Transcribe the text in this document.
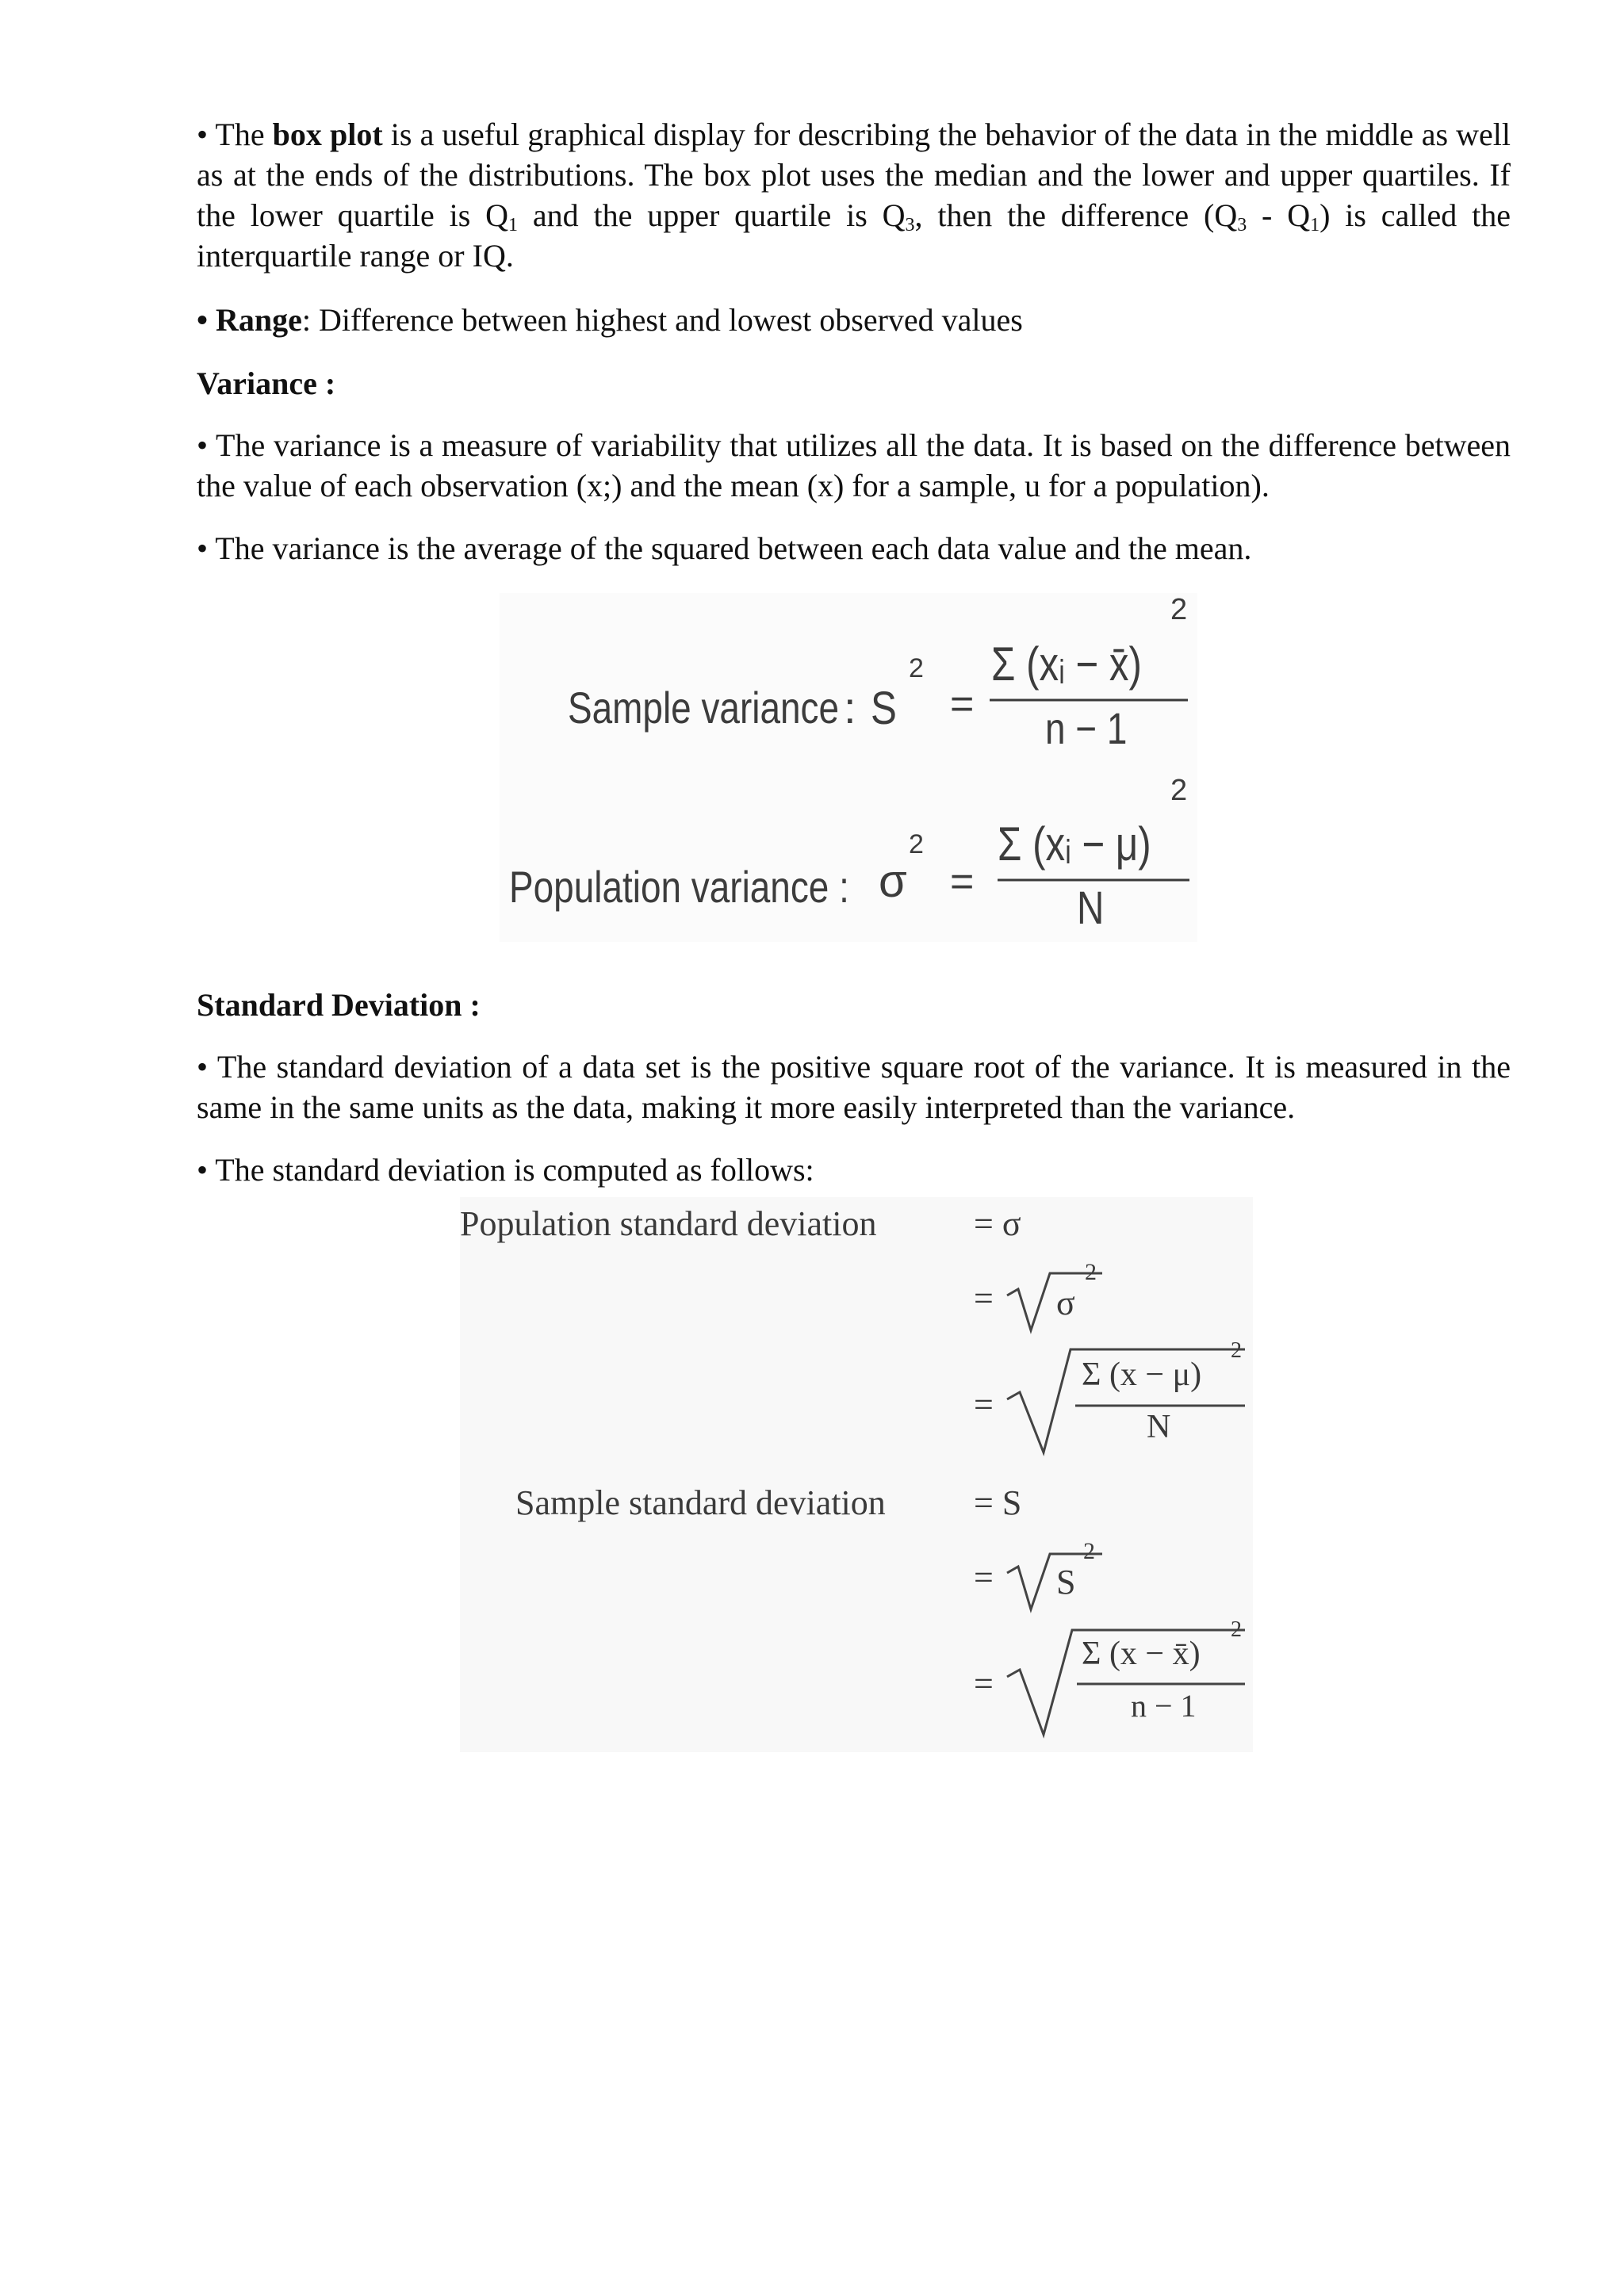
• The box plot is a useful graphical display for describing the behavior of the data in the middle as well as at the ends of the distributions. The box plot uses the median and the lower and upper quartiles. If the lower quartile is $Q_1$ and the upper quartile is $Q_3$, then the difference $(Q_3 - Q_1)$ is called the interquartile range or IQ.
• Range: Difference between highest and lowest observed values
Variance :
• The variance is a measure of variability that utilizes all the data. It is based on the difference between the value of each observation (x;) and the mean (x) for a sample, u for a population).
• The variance is the average of the squared between each data value and the mean.
Sample variance : S
2
=
Σ (xᵢ − x̄)
2
n − 1
Population variance : σ
2
=
Σ (xᵢ − μ)
2
N
Standard Deviation :
• The standard deviation of a data set is the positive square root of the variance. It is measured in the same in the same units as the data, making it more easily interpreted than the variance.
• The standard deviation is computed as follows:
Population standard deviation	= σ
= σ
2
=
Σ (x − μ)
2
N
Sample standard deviation	= S
= S
2
=
Σ (x − x̄)
2
n − 1
